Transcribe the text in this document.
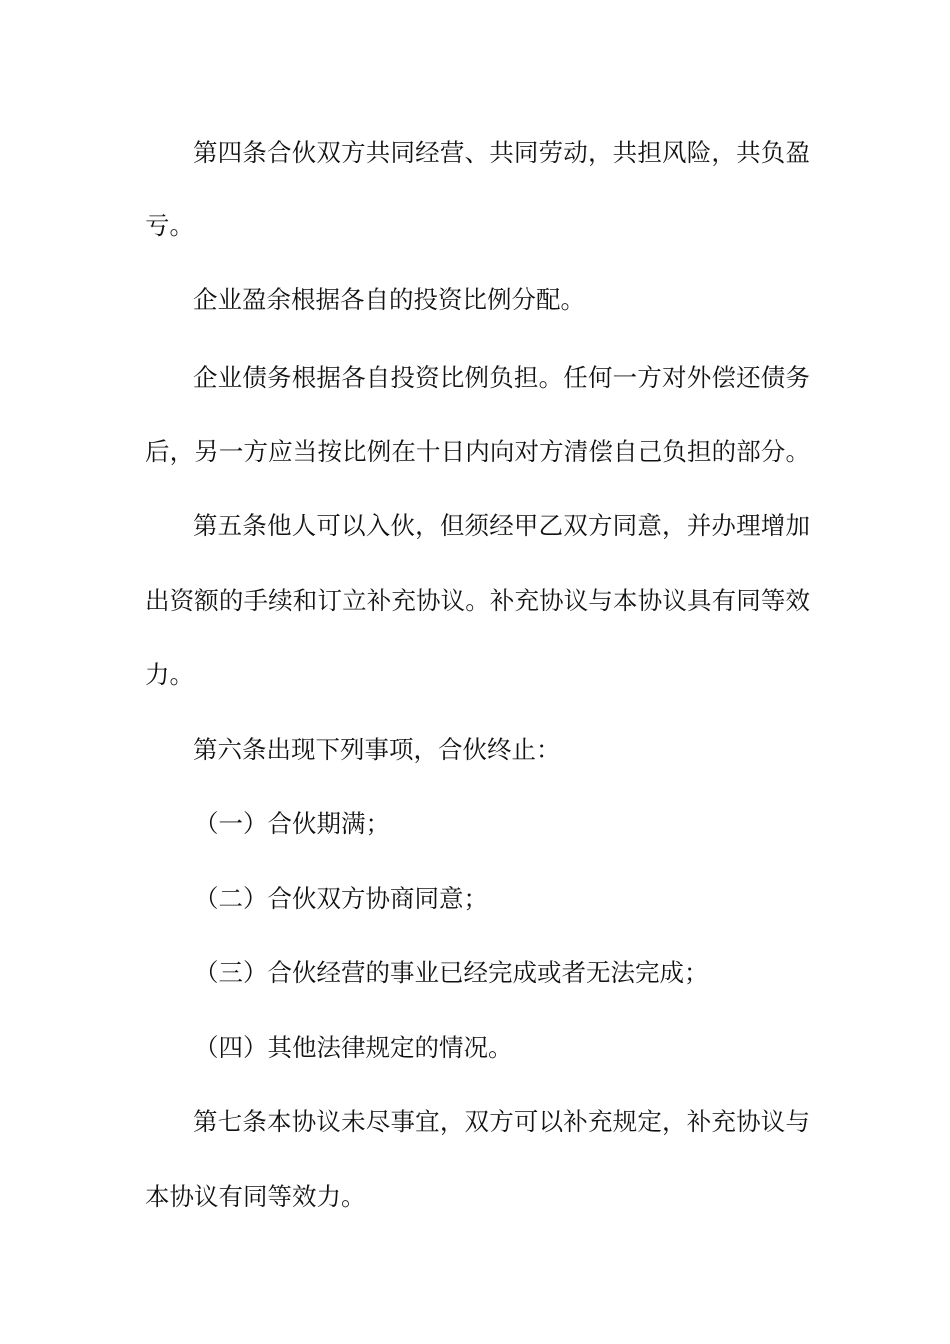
第四条合伙双方共同经营、共同劳动，共担风险，共负盈

亏。

企业盈余根据各自的投资比例分配。

企业债务根据各自投资比例负担。任何一方对外偿还债务

后，另一方应当按比例在十日内向对方清偿自己负担的部分。

第五条他人可以入伙，但须经甲乙双方同意，并办理增加

出资额的手续和订立补充协议。补充协议与本协议具有同等效

力。

第六条出现下列事项，合伙终止：

（一）合伙期满；

（二）合伙双方协商同意；

（三）合伙经营的事业已经完成或者无法完成；

（四）其他法律规定的情况。

第七条本协议未尽事宜，双方可以补充规定，补充协议与

本协议有同等效力。
